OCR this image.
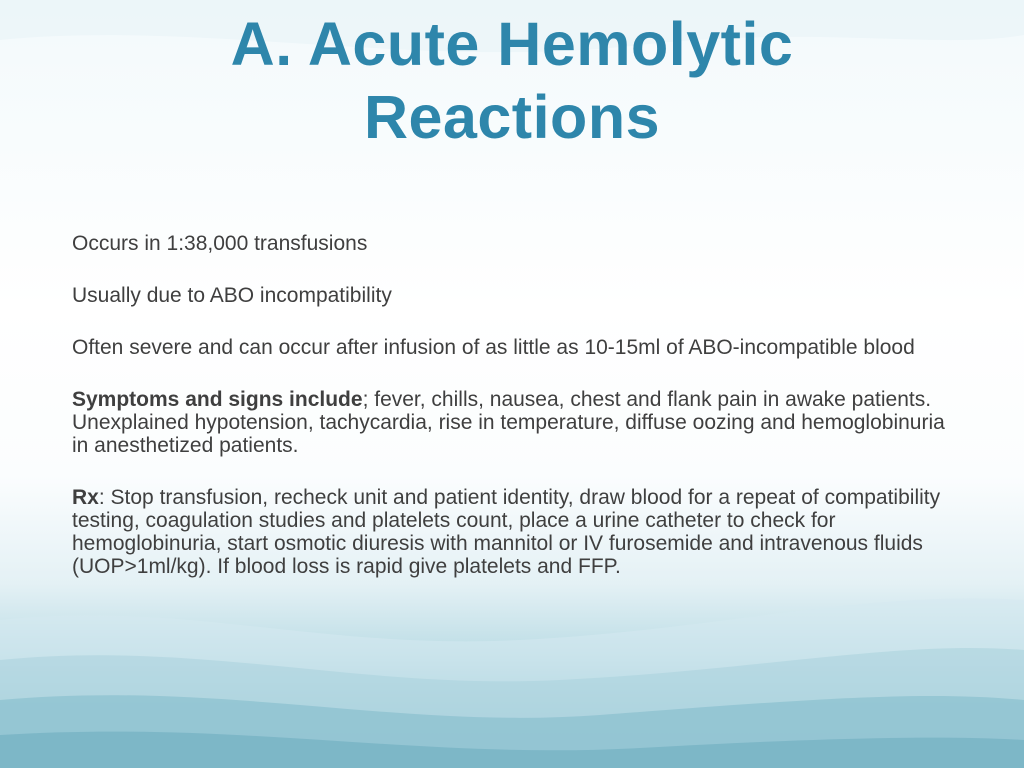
A. Acute Hemolytic
Reactions

Occurs in 1:38,000 transfusions

Usually due to ABO incompatibility

Often severe and can occur after infusion of as little as 10-15ml of ABO-incompatible blood

Symptoms and signs include; fever, chills, nausea, chest and flank pain in awake patients. Unexplained hypotension, tachycardia, rise in temperature, diffuse oozing and hemoglobinuria in anesthetized patients.

Rx: Stop transfusion, recheck unit and patient identity, draw blood for a repeat of compatibility testing, coagulation studies and platelets count, place a urine catheter to check for hemoglobinuria, start osmotic diuresis with mannitol or IV furosemide and intravenous fluids (UOP>1ml/kg). If blood loss is rapid give platelets and FFP.
